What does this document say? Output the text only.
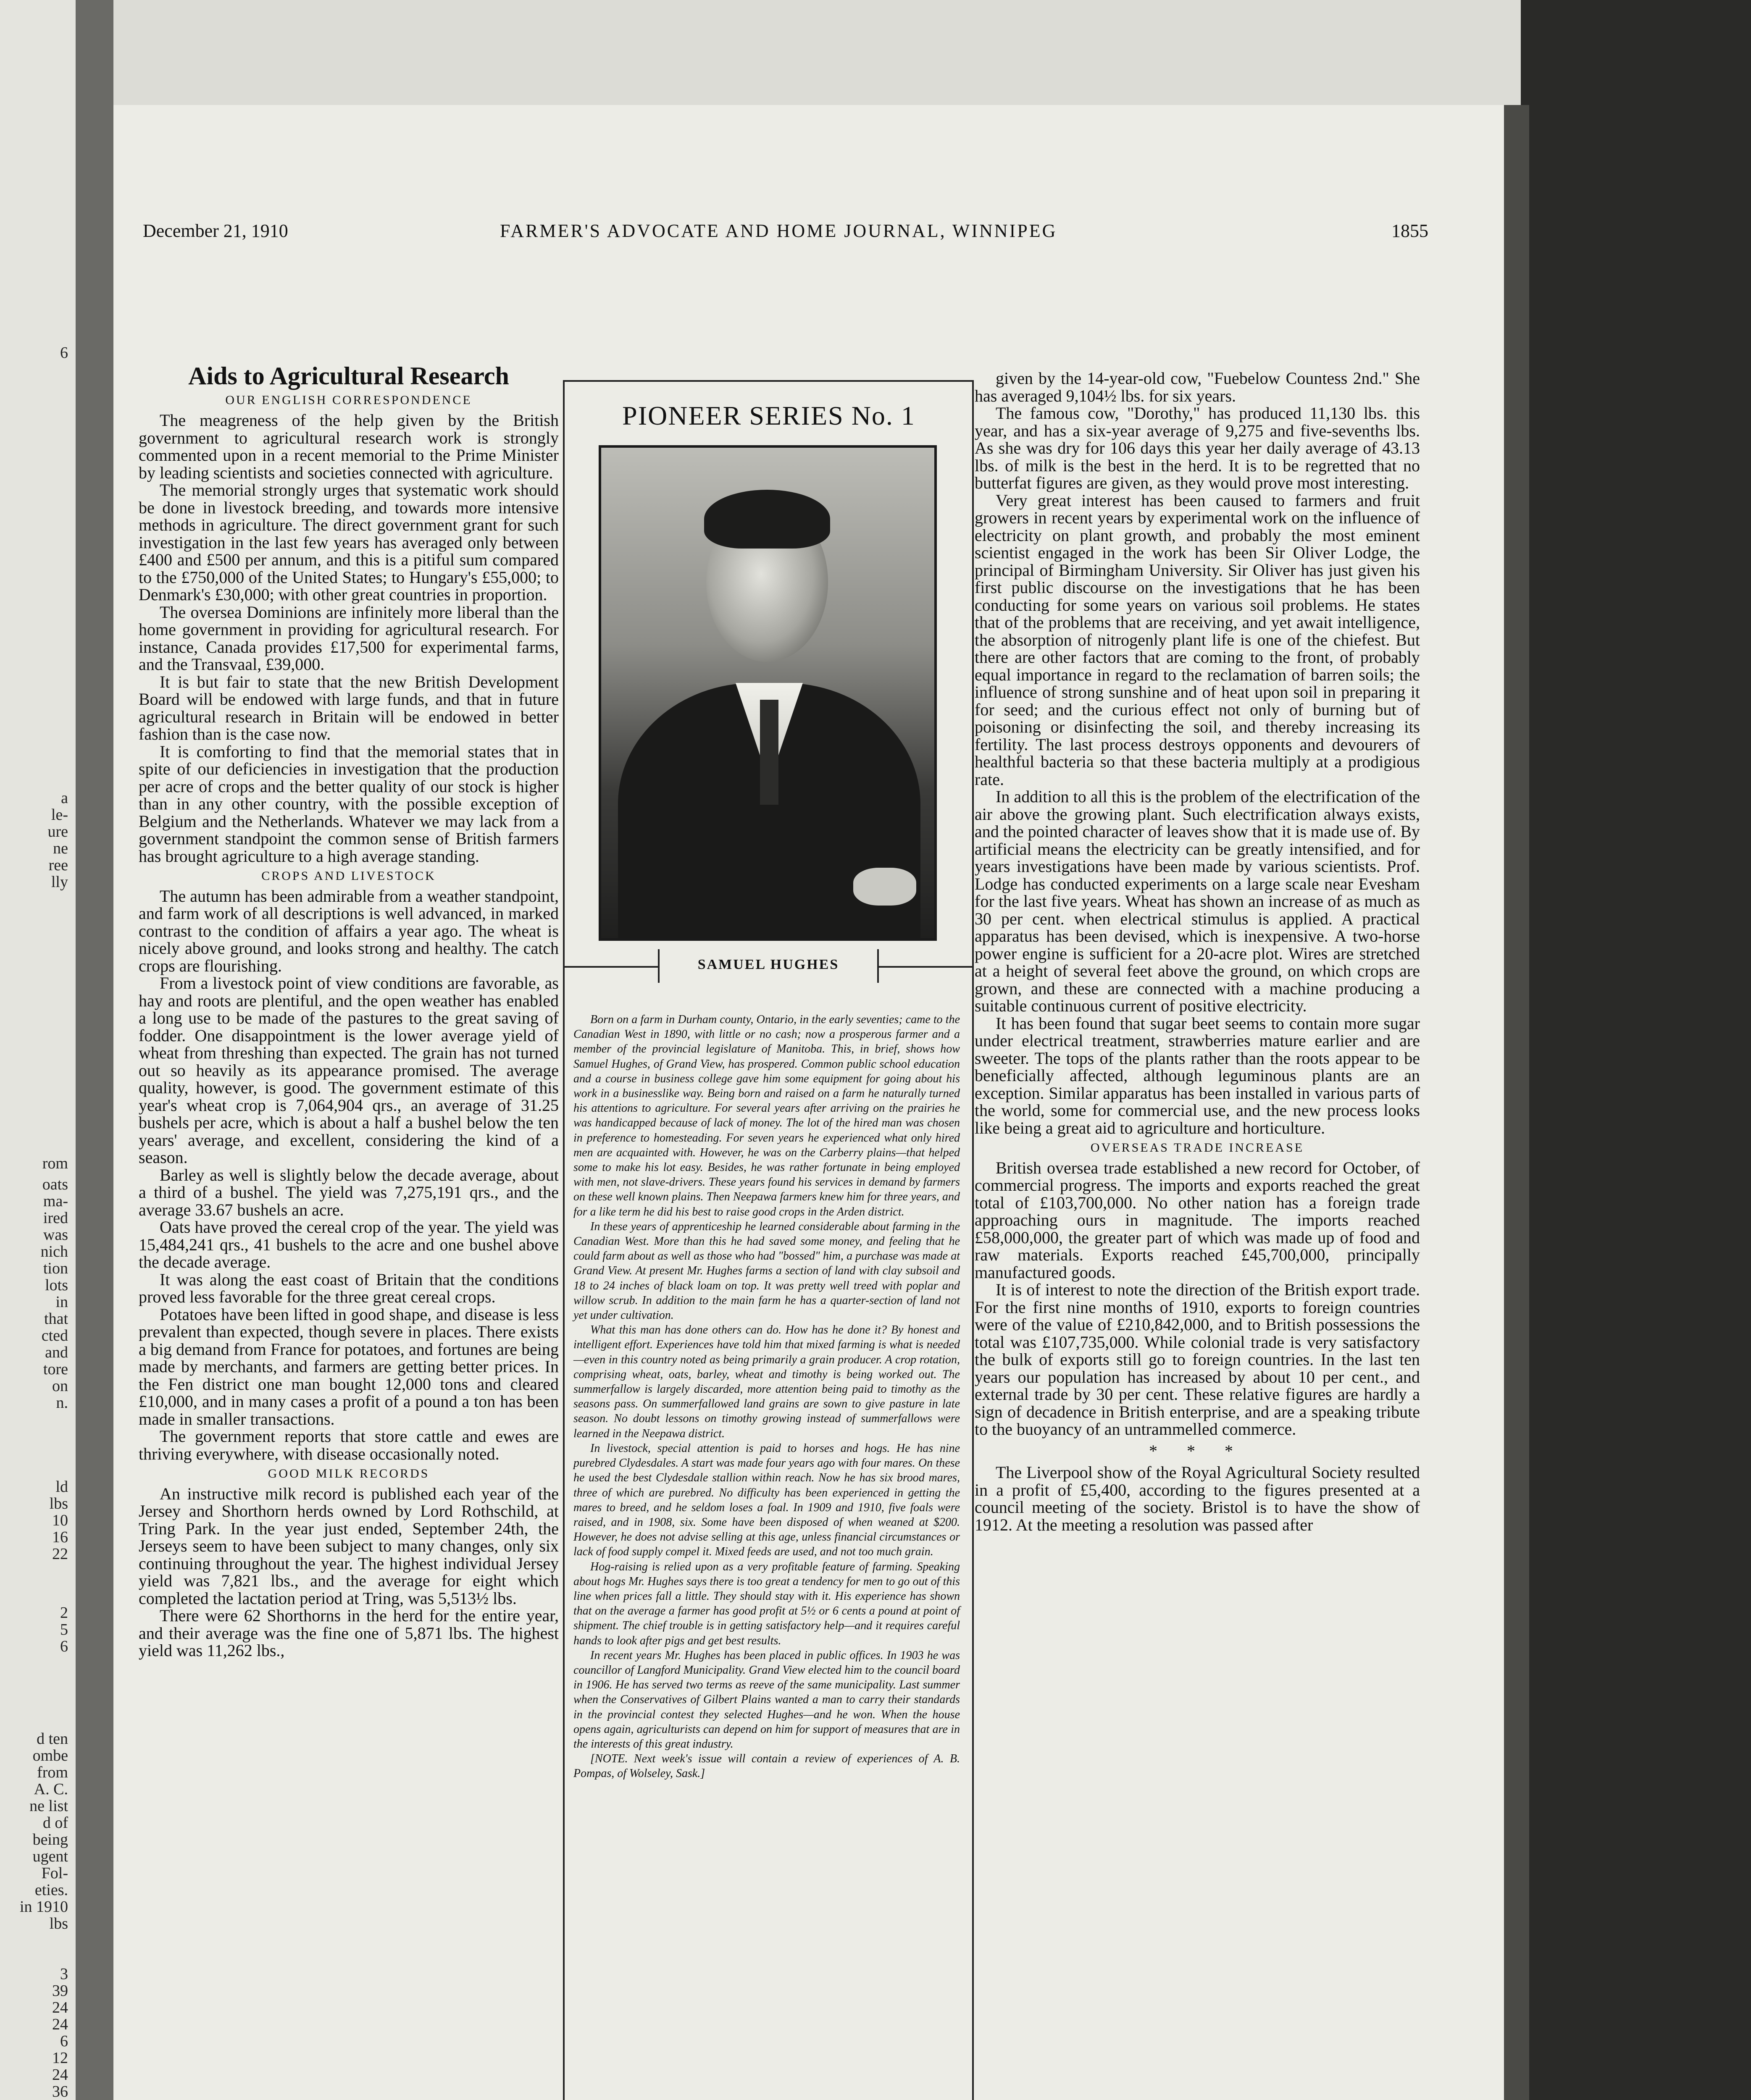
6
a
le-
ure
ne
ree
lly
rom
oats
ma-
ired
was
nich
tion
lots
in
that
cted
and
tore
on
n.
ld
lbs
10
16
22
2
5
6
d ten
ombe
from
A. C.
ne list
d of
being
ugent
Fol-
eties.
in 1910
lbs
3
39
24
24
6
12
24
36
December 21, 1910	FARMER'S ADVOCATE AND HOME JOURNAL, WINNIPEG	1855
Aids to Agricultural Research
OUR ENGLISH CORRESPONDENCE

The meagreness of the help given by the British government to agricultural research work is strongly commented upon in a recent memorial to the Prime Minister by leading scientists and societies connected with agriculture.

The memorial strongly urges that systematic work should be done in livestock breeding, and towards more intensive methods in agriculture. The direct government grant for such investigation in the last few years has averaged only between £400 and £500 per annum, and this is a pitiful sum compared to the £750,000 of the United States; to Hungary's £55,000; to Denmark's £30,000; with other great countries in proportion.

The oversea Dominions are infinitely more liberal than the home government in providing for agricultural research. For instance, Canada provides £17,500 for experimental farms, and the Transvaal, £39,000.

It is but fair to state that the new British Development Board will be endowed with large funds, and that in future agricultural research in Britain will be endowed in better fashion than is the case now.

It is comforting to find that the memorial states that in spite of our deficiencies in investigation that the production per acre of crops and the better quality of our stock is higher than in any other country, with the possible exception of Belgium and the Netherlands. Whatever we may lack from a government standpoint the common sense of British farmers has brought agriculture to a high average standing.

CROPS AND LIVESTOCK

The autumn has been admirable from a weather standpoint, and farm work of all descriptions is well advanced, in marked contrast to the condition of affairs a year ago. The wheat is nicely above ground, and looks strong and healthy. The catch crops are flourishing.

From a livestock point of view conditions are favorable, as hay and roots are plentiful, and the open weather has enabled a long use to be made of the pastures to the great saving of fodder. One disappointment is the lower average yield of wheat from threshing than expected. The grain has not turned out so heavily as its appearance promised. The average quality, however, is good. The government estimate of this year's wheat crop is 7,064,904 qrs., an average of 31.25 bushels per acre, which is about a half a bushel below the ten years' average, and excellent, considering the kind of a season.

Barley as well is slightly below the decade average, about a third of a bushel. The yield was 7,275,191 qrs., and the average 33.67 bushels an acre.

Oats have proved the cereal crop of the year. The yield was 15,484,241 qrs., 41 bushels to the acre and one bushel above the decade average.

It was along the east coast of Britain that the conditions proved less favorable for the three great cereal crops.

Potatoes have been lifted in good shape, and disease is less prevalent than expected, though severe in places. There exists a big demand from France for potatoes, and fortunes are being made by merchants, and farmers are getting better prices. In the Fen district one man bought 12,000 tons and cleared £10,000, and in many cases a profit of a pound a ton has been made in smaller transactions.

The government reports that store cattle and ewes are thriving everywhere, with disease occasionally noted.

GOOD MILK RECORDS

An instructive milk record is published each year of the Jersey and Shorthorn herds owned by Lord Rothschild, at Tring Park. In the year just ended, September 24th, the Jerseys seem to have been subject to many changes, only six continuing throughout the year. The highest individual Jersey yield was 7,821 lbs., and the average for eight which completed the lactation period at Tring, was 5,513½ lbs.

There were 62 Shorthorns in the herd for the entire year, and their average was the fine one of 5,871 lbs. The highest yield was 11,262 lbs.,

PIONEER SERIES No. 1
SAMUEL HUGHES

Born on a farm in Durham county, Ontario, in the early seventies; came to the Canadian West in 1890, with little or no cash; now a prosperous farmer and a member of the provincial legislature of Manitoba. This, in brief, shows how Samuel Hughes, of Grand View, has prospered. Common public school education and a course in business college gave him some equipment for going about his work in a businesslike way. Being born and raised on a farm he naturally turned his attentions to agriculture. For several years after arriving on the prairies he was handicapped because of lack of money. The lot of the hired man was chosen in preference to homesteading. For seven years he experienced what only hired men are acquainted with. However, he was on the Carberry plains—that helped some to make his lot easy. Besides, he was rather fortunate in being employed with men, not slave-drivers. These years found his services in demand by farmers on these well known plains. Then Neepawa farmers knew him for three years, and for a like term he did his best to raise good crops in the Arden district.

In these years of apprenticeship he learned considerable about farming in the Canadian West. More than this he had saved some money, and feeling that he could farm about as well as those who had "bossed" him, a purchase was made at Grand View. At present Mr. Hughes farms a section of land with clay subsoil and 18 to 24 inches of black loam on top. It was pretty well treed with poplar and willow scrub. In addition to the main farm he has a quarter-section of land not yet under cultivation.

What this man has done others can do. How has he done it? By honest and intelligent effort. Experiences have told him that mixed farming is what is needed—even in this country noted as being primarily a grain producer. A crop rotation, comprising wheat, oats, barley, wheat and timothy is being worked out. The summerfallow is largely discarded, more attention being paid to timothy as the seasons pass. On summerfallowed land grains are sown to give pasture in late season. No doubt lessons on timothy growing instead of summerfallows were learned in the Neepawa district.

In livestock, special attention is paid to horses and hogs. He has nine purebred Clydesdales. A start was made four years ago with four mares. On these he used the best Clydesdale stallion within reach. Now he has six brood mares, three of which are purebred. No difficulty has been experienced in getting the mares to breed, and he seldom loses a foal. In 1909 and 1910, five foals were raised, and in 1908, six. Some have been disposed of when weaned at $200. However, he does not advise selling at this age, unless financial circumstances or lack of food supply compel it. Mixed feeds are used, and not too much grain.

Hog-raising is relied upon as a very profitable feature of farming. Speaking about hogs Mr. Hughes says there is too great a tendency for men to go out of this line when prices fall a little. They should stay with it. His experience has shown that on the average a farmer has good profit at 5½ or 6 cents a pound at point of shipment. The chief trouble is in getting satisfactory help—and it requires careful hands to look after pigs and get best results.

In recent years Mr. Hughes has been placed in public offices. In 1903 he was councillor of Langford Municipality. Grand View elected him to the council board in 1906. He has served two terms as reeve of the same municipality. Last summer when the Conservatives of Gilbert Plains wanted a man to carry their standards in the provincial contest they selected Hughes—and he won. When the house opens again, agriculturists can depend on him for support of measures that are in the interests of this great industry.

[NOTE. Next week's issue will contain a review of experiences of A. B. Pompas, of Wolseley, Sask.]

given by the 14-year-old cow, "Fuebelow Countess 2nd." She has averaged 9,104½ lbs. for six years.

The famous cow, "Dorothy," has produced 11,130 lbs. this year, and has a six-year average of 9,275 and five-sevenths lbs. As she was dry for 106 days this year her daily average of 43.13 lbs. of milk is the best in the herd. It is to be regretted that no butterfat figures are given, as they would prove most interesting.

Very great interest has been caused to farmers and fruit growers in recent years by experimental work on the influence of electricity on plant growth, and probably the most eminent scientist engaged in the work has been Sir Oliver Lodge, the principal of Birmingham University. Sir Oliver has just given his first public discourse on the investigations that he has been conducting for some years on various soil problems. He states that of the problems that are receiving, and yet await intelligence, the absorption of nitrogenly plant life is one of the chiefest. But there are other factors that are coming to the front, of probably equal importance in regard to the reclamation of barren soils; the influence of strong sunshine and of heat upon soil in preparing it for seed; and the curious effect not only of burning but of poisoning or disinfecting the soil, and thereby increasing its fertility. The last process destroys opponents and devourers of healthful bacteria so that these bacteria multiply at a prodigious rate.

In addition to all this is the problem of the electrification of the air above the growing plant. Such electrification always exists, and the pointed character of leaves show that it is made use of. By artificial means the electricity can be greatly intensified, and for years investigations have been made by various scientists. Prof. Lodge has conducted experiments on a large scale near Evesham for the last five years. Wheat has shown an increase of as much as 30 per cent. when electrical stimulus is applied. A practical apparatus has been devised, which is inexpensive. A two-horse power engine is sufficient for a 20-acre plot. Wires are stretched at a height of several feet above the ground, on which crops are grown, and these are connected with a machine producing a suitable continuous current of positive electricity.

It has been found that sugar beet seems to contain more sugar under electrical treatment, strawberries mature earlier and are sweeter. The tops of the plants rather than the roots appear to be beneficially affected, although leguminous plants are an exception. Similar apparatus has been installed in various parts of the world, some for commercial use, and the new process looks like being a great aid to agriculture and horticulture.

OVERSEAS TRADE INCREASE

British oversea trade established a new record for October, of commercial progress. The imports and exports reached the great total of £103,700,000. No other nation has a foreign trade approaching ours in magnitude. The imports reached £58,000,000, the greater part of which was made up of food and raw materials. Exports reached £45,700,000, principally manufactured goods.

It is of interest to note the direction of the British export trade. For the first nine months of 1910, exports to foreign countries were of the value of £210,842,000, and to British possessions the total was £107,735,000. While colonial trade is very satisfactory the bulk of exports still go to foreign countries. In the last ten years our population has increased by about 10 per cent., and external trade by 30 per cent. These relative figures are hardly a sign of decadence in British enterprise, and are a speaking tribute to the buoyancy of an untrammelled commerce.

* * *

The Liverpool show of the Royal Agricultural Society resulted in a profit of £5,400, according to the figures presented at a council meeting of the society. Bristol is to have the show of 1912. At the meeting a resolution was passed after
